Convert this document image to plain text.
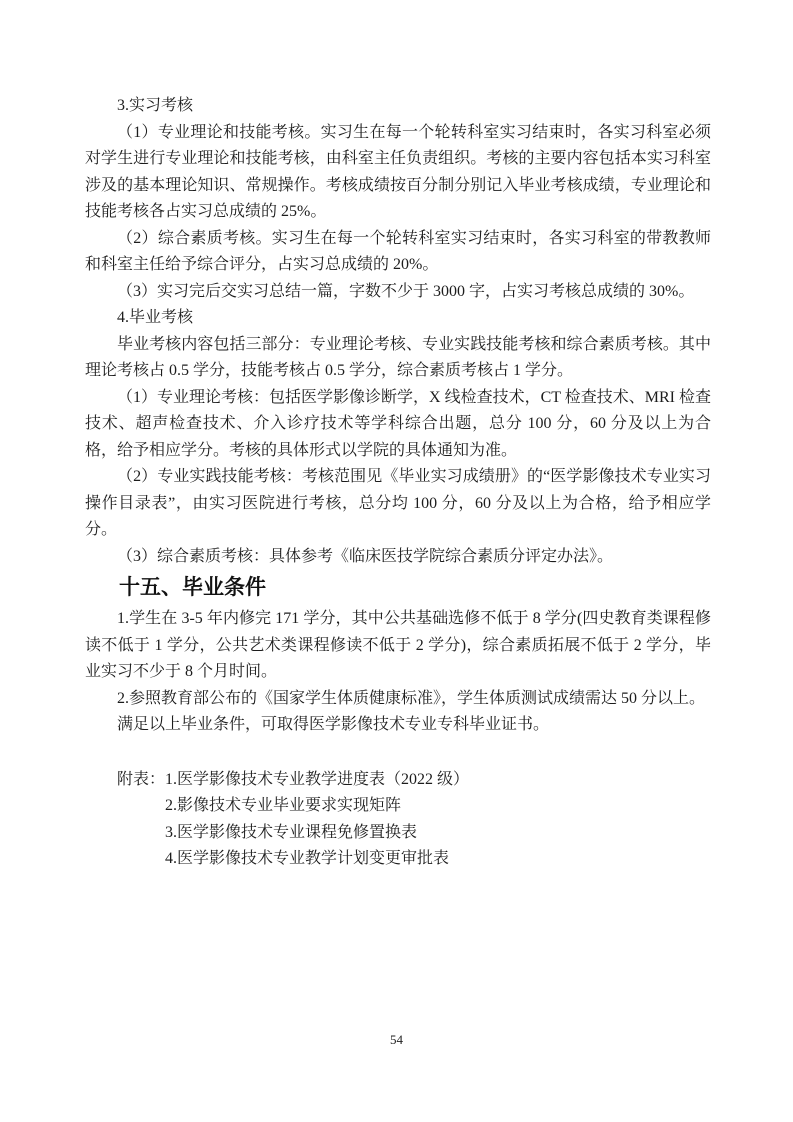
3.实习考核

（1）专业理论和技能考核。实习生在每一个轮转科室实习结束时，各实习科室必须对学生进行专业理论和技能考核，由科室主任负责组织。考核的主要内容包括本实习科室涉及的基本理论知识、常规操作。考核成绩按百分制分别记入毕业考核成绩，专业理论和技能考核各占实习总成绩的 25%。

（2）综合素质考核。实习生在每一个轮转科室实习结束时，各实习科室的带教教师和科室主任给予综合评分，占实习总成绩的 20%。

（3）实习完后交实习总结一篇，字数不少于 3000 字，占实习考核总成绩的 30%。

4.毕业考核

毕业考核内容包括三部分：专业理论考核、专业实践技能考核和综合素质考核。其中理论考核占 0.5 学分，技能考核占 0.5 学分，综合素质考核占 1 学分。

（1）专业理论考核：包括医学影像诊断学，X 线检查技术，CT 检查技术、MRI 检查技术、超声检查技术、介入诊疗技术等学科综合出题，总分 100 分，60 分及以上为合格，给予相应学分。考核的具体形式以学院的具体通知为准。

（2）专业实践技能考核：考核范围见《毕业实习成绩册》的“医学影像技术专业实习操作目录表”，由实习医院进行考核，总分均 100 分，60 分及以上为合格，给予相应学分。

（3）综合素质考核：具体参考《临床医技学院综合素质分评定办法》。

十五、毕业条件

1.学生在 3-5 年内修完 171 学分，其中公共基础选修不低于 8 学分(四史教育类课程修读不低于 1 学分，公共艺术类课程修读不低于 2 学分)，综合素质拓展不低于 2 学分，毕业实习不少于 8 个月时间。

2.参照教育部公布的《国家学生体质健康标准》，学生体质测试成绩需达 50 分以上。

满足以上毕业条件，可取得医学影像技术专业专科毕业证书。

附表：1.医学影像技术专业教学进度表（2022 级）

2.影像技术专业毕业要求实现矩阵

3.医学影像技术专业课程免修置换表

4.医学影像技术专业教学计划变更审批表

54
